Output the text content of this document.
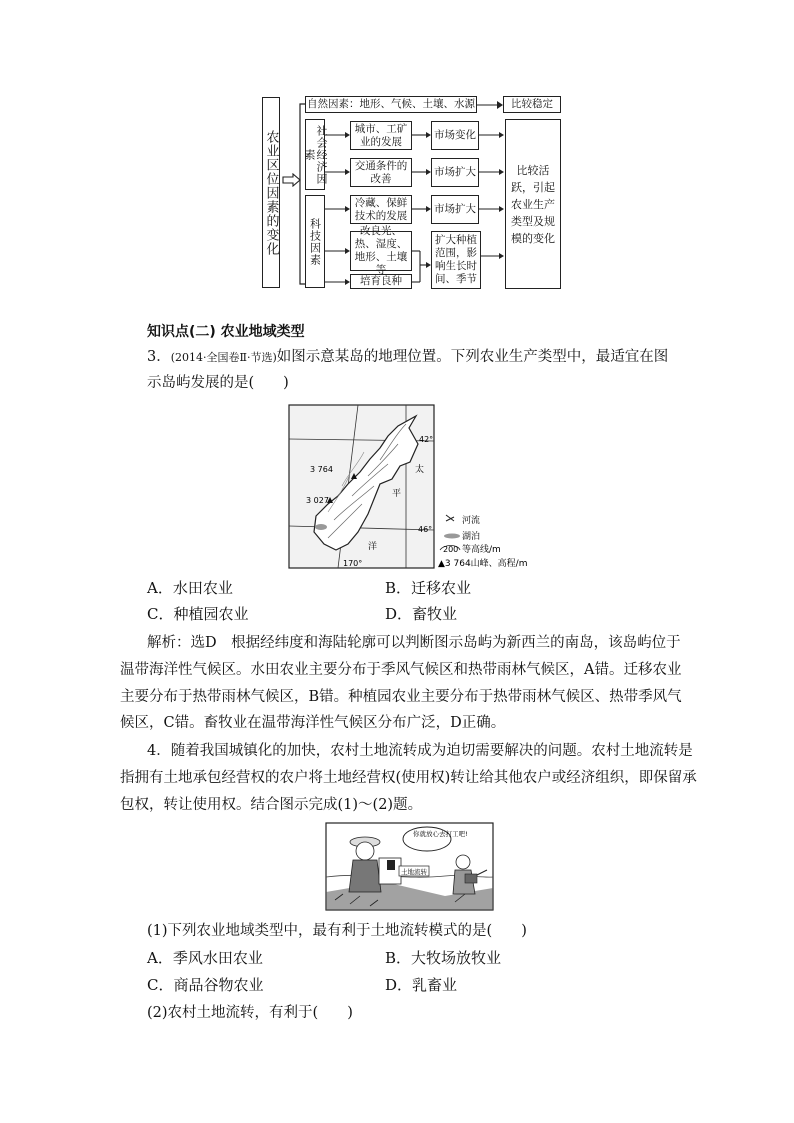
农业区位因素的变化
自然因素：地形、气候、土壤、水源	比较稳定
社会经济因素
城市、工矿业的发展
交通条件的改善
科技因素
冷藏、保鲜技术的发展
改良光、热、湿度、地形、土壤等
培育良种
市场变化
市场扩大
市场扩大
扩大种植范围，影响生长时间、季节
比较活跃，引起农业生产类型及规模的变化
知识点(二) 农业地域类型
3．(2014·全国卷Ⅱ·节选)如图示意某岛的地理位置。下列农业生产类型中，最适宜在图
示岛屿发展的是(　　)
3 764
3 027
42°
46°
170°
太
平
洋
河流
湖泊
200 等高线/m
▲3 764山峰、高程/m
A．水田农业	B．迁移农业
C．种植园农业	D．畜牧业
解析：选D　根据经纬度和海陆轮廓可以判断图示岛屿为新西兰的南岛，该岛屿位于
温带海洋性气候区。水田农业主要分布于季风气候区和热带雨林气候区，A错。迁移农业
主要分布于热带雨林气候区，B错。种植园农业主要分布于热带雨林气候区、热带季风气
候区，C错。畜牧业在温带海洋性气候区分布广泛，D正确。
4．随着我国城镇化的加快，农村土地流转成为迫切需要解决的问题。农村土地流转是
指拥有土地承包经营权的农户将土地经营权(使用权)转让给其他农户或经济组织，即保留承
包权，转让使用权。结合图示完成(1)～(2)题。
你就放心去打工吧!
土地流转
(1)下列农业地域类型中，最有利于土地流转模式的是(　　)
A．季风水田农业	B．大牧场放牧业
C．商品谷物农业	D．乳畜业
(2)农村土地流转，有利于(　　)
